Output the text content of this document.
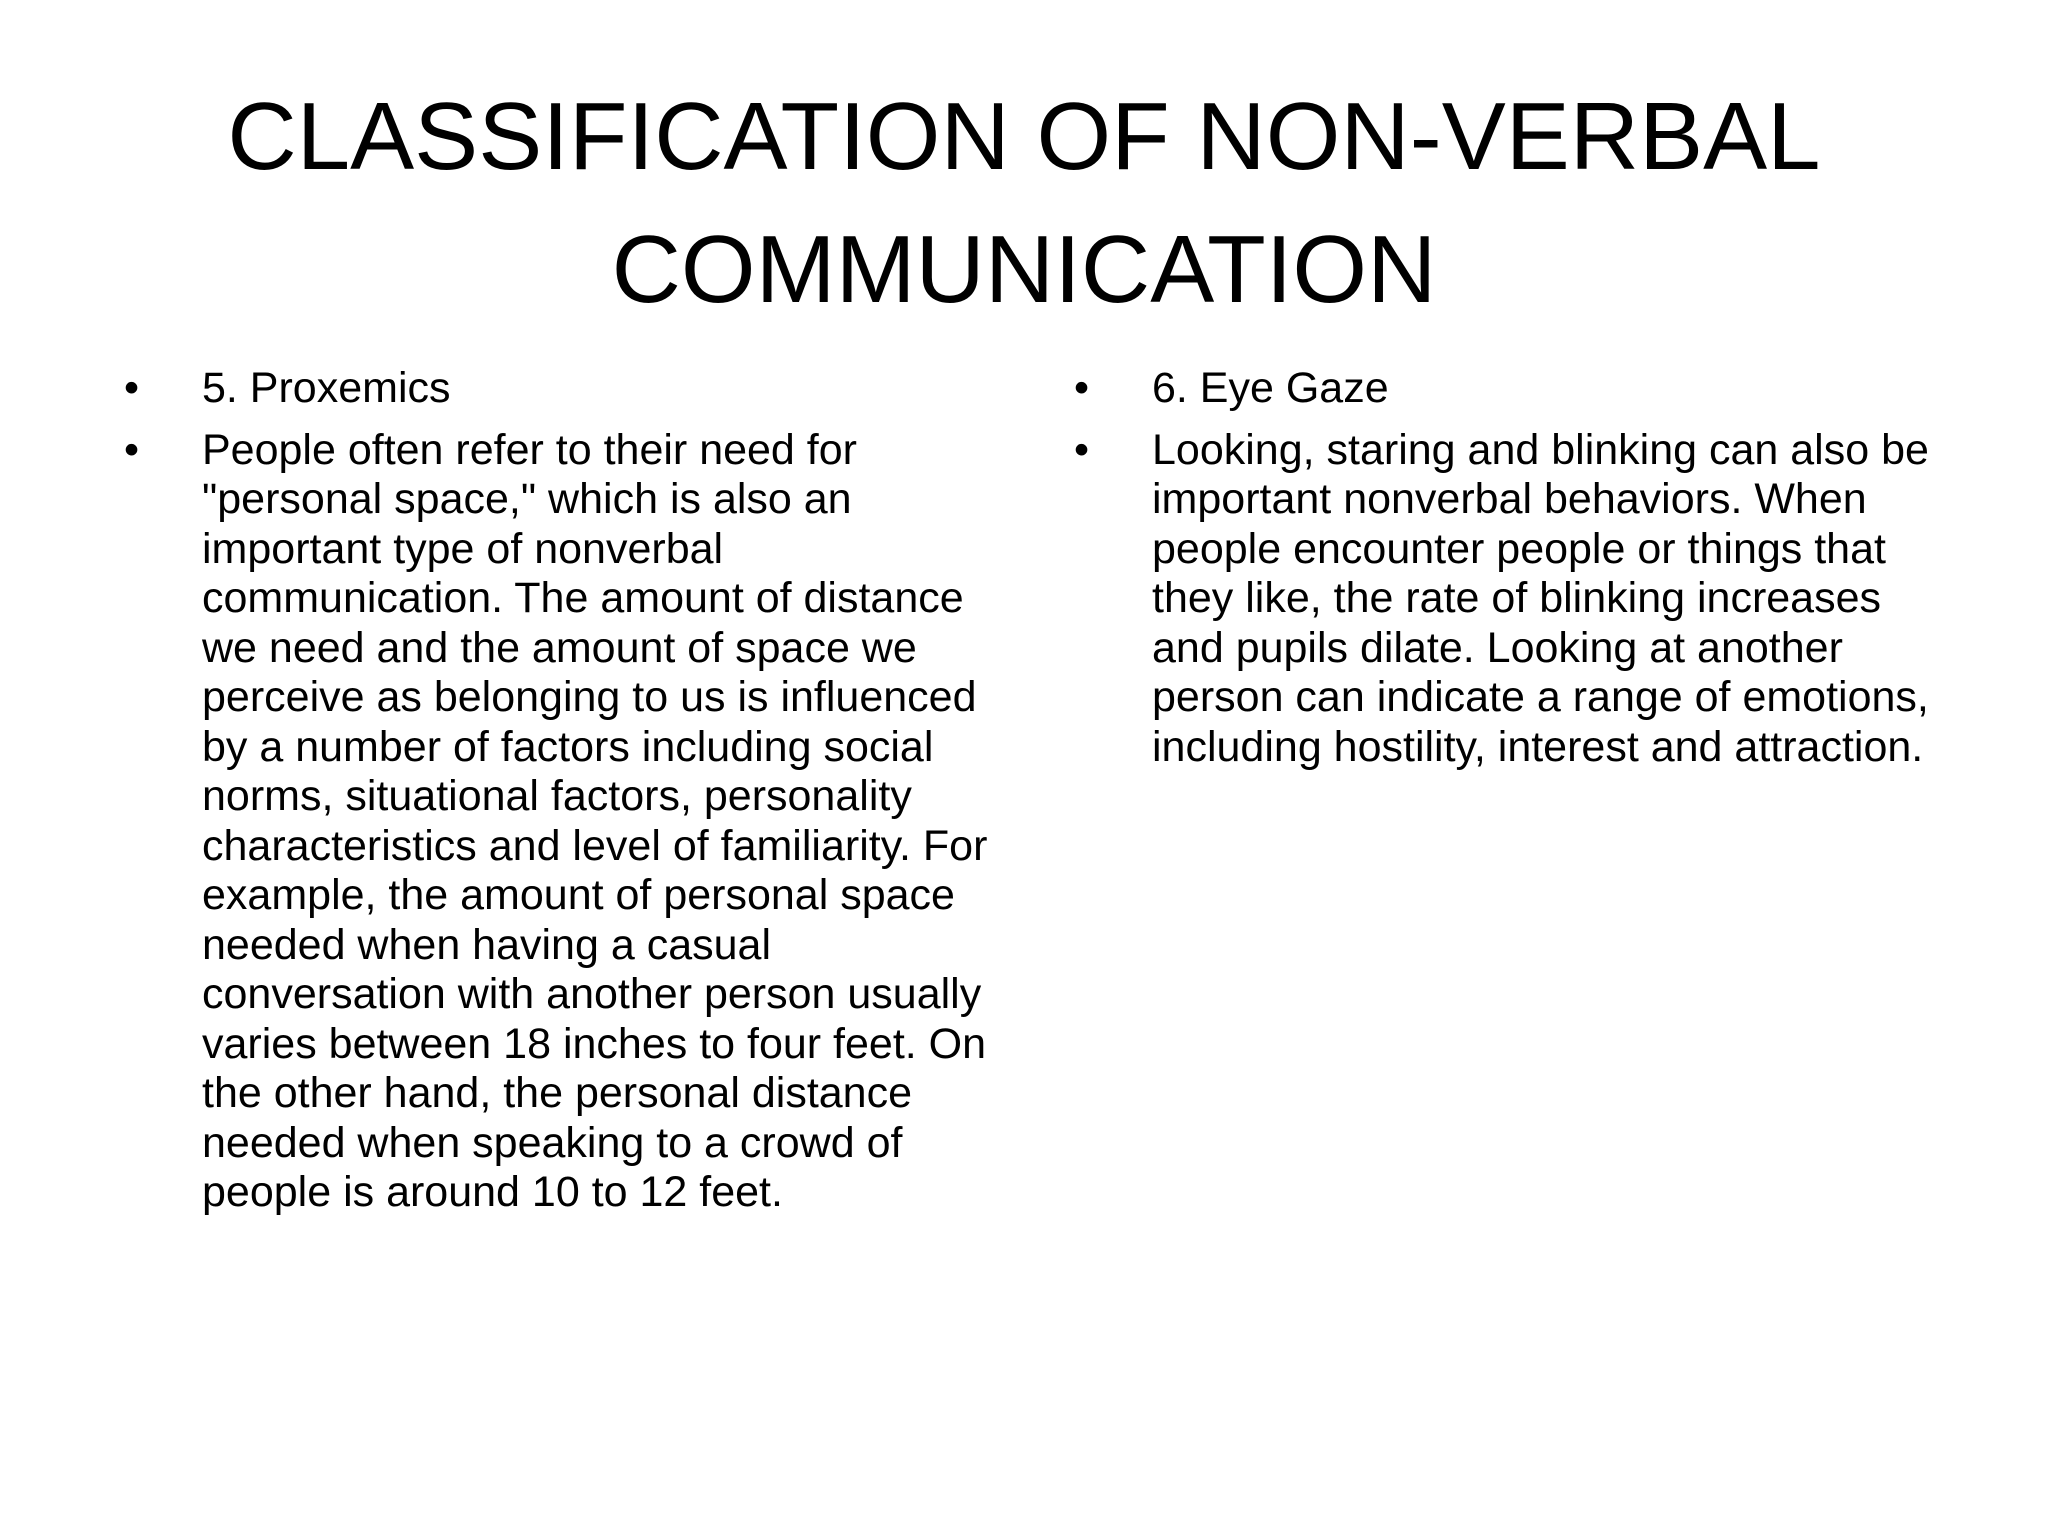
CLASSIFICATION OF NON-VERBAL
COMMUNICATION
• 5. Proxemics
• People often refer to their need for "personal space," which is also an important type of nonverbal communication. The amount of distance we need and the amount of space we perceive as belonging to us is influenced by a number of factors including social norms, situational factors, personality characteristics and level of familiarity. For example, the amount of personal space needed when having a casual conversation with another person usually varies between 18 inches to four feet. On the other hand, the personal distance needed when speaking to a crowd of people is around 10 to 12 feet.
• 6. Eye Gaze
• Looking, staring and blinking can also be important nonverbal behaviors. When people encounter people or things that they like, the rate of blinking increases and pupils dilate. Looking at another person can indicate a range of emotions, including hostility, interest and attraction.
